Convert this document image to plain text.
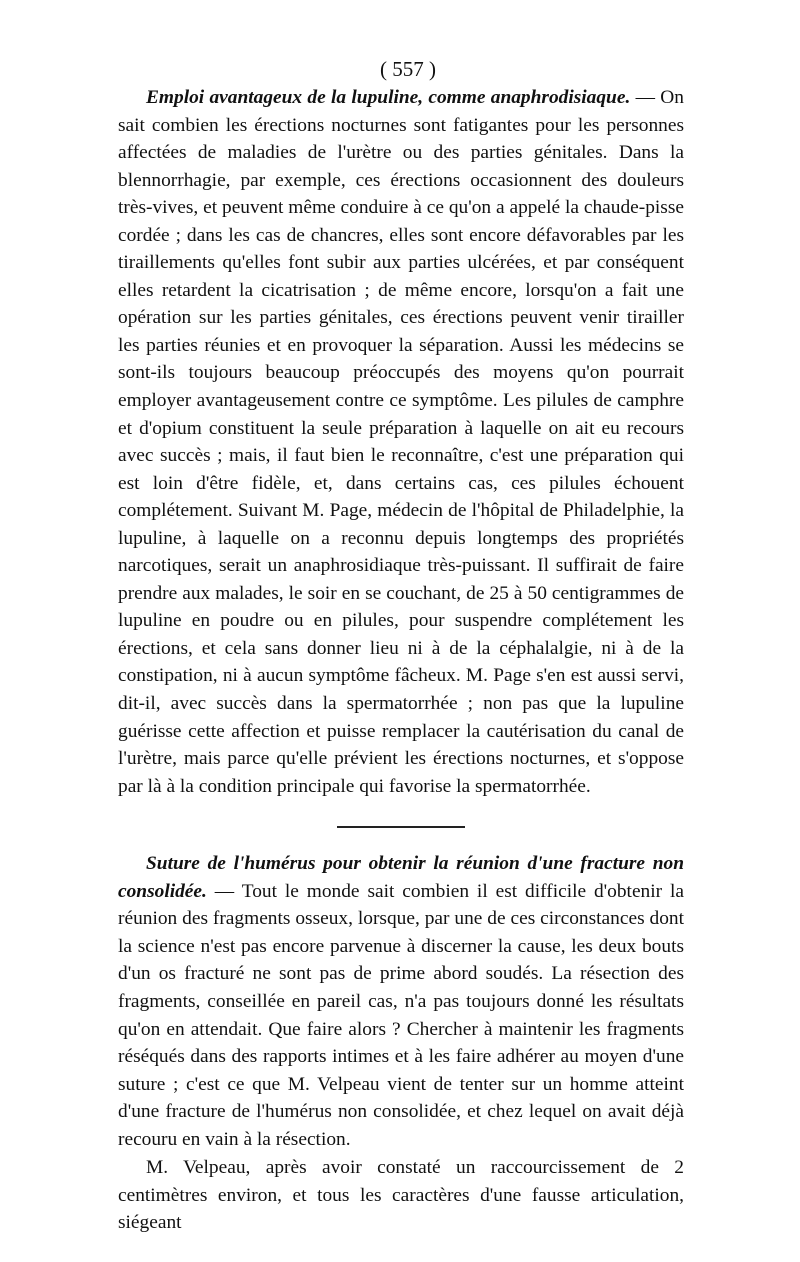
( 557 )

Emploi avantageux de la lupuline, comme anaphrodisiaque. — On sait combien les érections nocturnes sont fatigantes pour les personnes affectées de maladies de l'urètre ou des parties génitales. Dans la blennorrhagie, par exemple, ces érections occasionnent des douleurs très-vives, et peuvent même conduire à ce qu'on a appelé la chaude-pisse cordée ; dans les cas de chancres, elles sont encore défavorables par les tiraillements qu'elles font subir aux parties ulcérées, et par conséquent elles retardent la cicatrisation ; de même encore, lorsqu'on a fait une opération sur les parties génitales, ces érections peuvent venir tirailler les parties réunies et en provoquer la séparation. Aussi les médecins se sont-ils toujours beaucoup préoccupés des moyens qu'on pourrait employer avantageusement contre ce symptôme. Les pilules de camphre et d'opium constituent la seule préparation à laquelle on ait eu recours avec succès ; mais, il faut bien le reconnaître, c'est une préparation qui est loin d'être fidèle, et, dans certains cas, ces pilules échouent complétement. Suivant M. Page, médecin de l'hôpital de Philadelphie, la lupuline, à laquelle on a reconnu depuis longtemps des propriétés narcotiques, serait un anaphrosidiaque très-puissant. Il suffirait de faire prendre aux malades, le soir en se couchant, de 25 à 50 centigrammes de lupuline en poudre ou en pilules, pour suspendre complétement les érections, et cela sans donner lieu ni à de la céphalalgie, ni à de la constipation, ni à aucun symptôme fâcheux. M. Page s'en est aussi servi, dit-il, avec succès dans la spermatorrhée ; non pas que la lupuline guérisse cette affection et puisse remplacer la cautérisation du canal de l'urètre, mais parce qu'elle prévient les érections nocturnes, et s'oppose par là à la condition principale qui favorise la spermatorrhée.

Suture de l'humérus pour obtenir la réunion d'une fracture non consolidée. — Tout le monde sait combien il est difficile d'obtenir la réunion des fragments osseux, lorsque, par une de ces circonstances dont la science n'est pas encore parvenue à discerner la cause, les deux bouts d'un os fracturé ne sont pas de prime abord soudés. La résection des fragments, conseillée en pareil cas, n'a pas toujours donné les résultats qu'on en attendait. Que faire alors ? Chercher à maintenir les fragments réséqués dans des rapports intimes et à les faire adhérer au moyen d'une suture ; c'est ce que M. Velpeau vient de tenter sur un homme atteint d'une fracture de l'humérus non consolidée, et chez lequel on avait déjà recouru en vain à la résection.

M. Velpeau, après avoir constaté un raccourcissement de 2 centimètres environ, et tous les caractères d'une fausse articulation, siégeant
